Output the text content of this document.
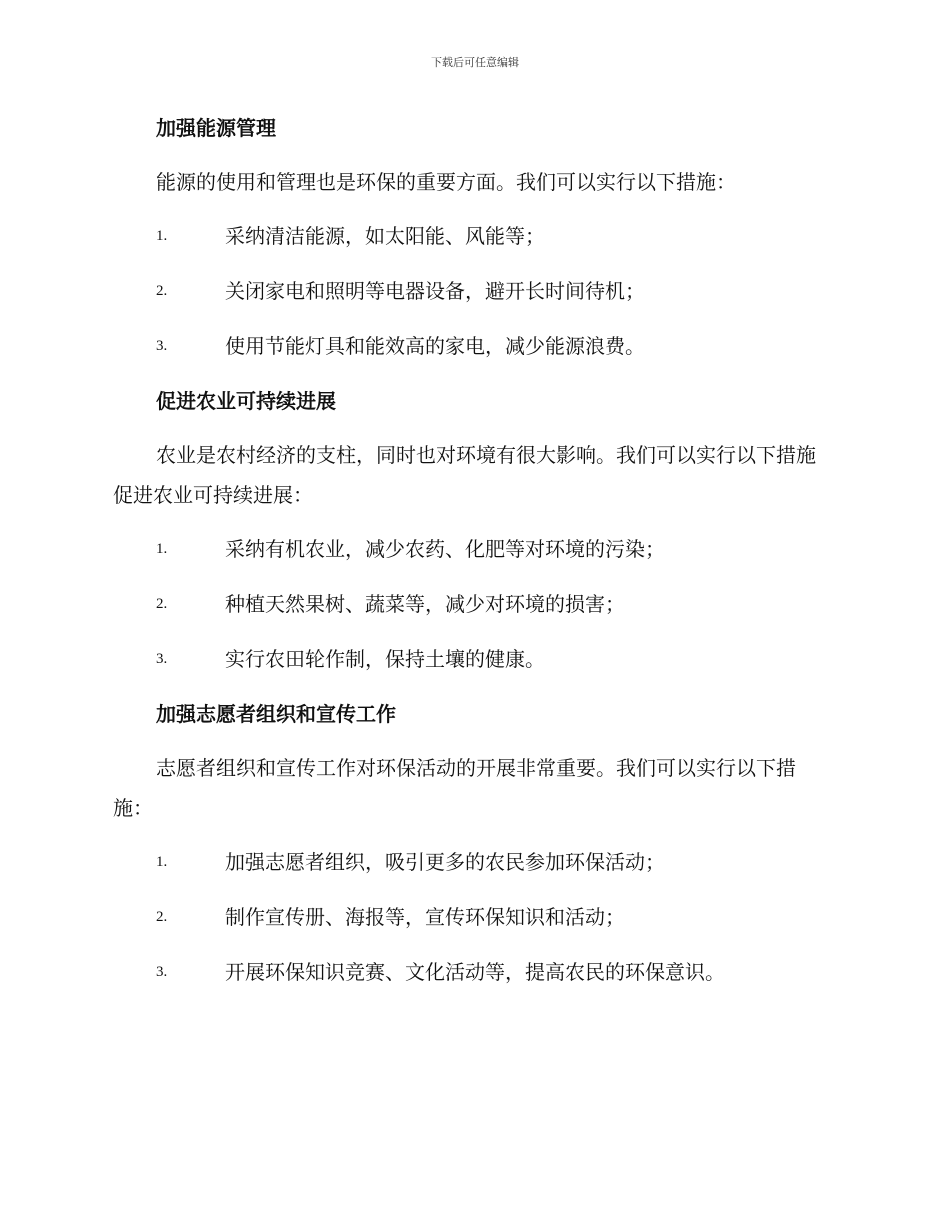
下载后可任意编辑
加强能源管理
能源的使用和管理也是环保的重要方面。我们可以实行以下措施：
1.	采纳清洁能源，如太阳能、风能等；
2.	关闭家电和照明等电器设备，避开长时间待机；
3.	使用节能灯具和能效高的家电，减少能源浪费。
促进农业可持续进展
农业是农村经济的支柱，同时也对环境有很大影响。我们可以实行以下措施促进农业可持续进展：
1.	采纳有机农业，减少农药、化肥等对环境的污染；
2.	种植天然果树、蔬菜等，减少对环境的损害；
3.	实行农田轮作制，保持土壤的健康。
加强志愿者组织和宣传工作
志愿者组织和宣传工作对环保活动的开展非常重要。我们可以实行以下措施：
1.	加强志愿者组织，吸引更多的农民参加环保活动；
2.	制作宣传册、海报等，宣传环保知识和活动；
3.	开展环保知识竞赛、文化活动等，提高农民的环保意识。
